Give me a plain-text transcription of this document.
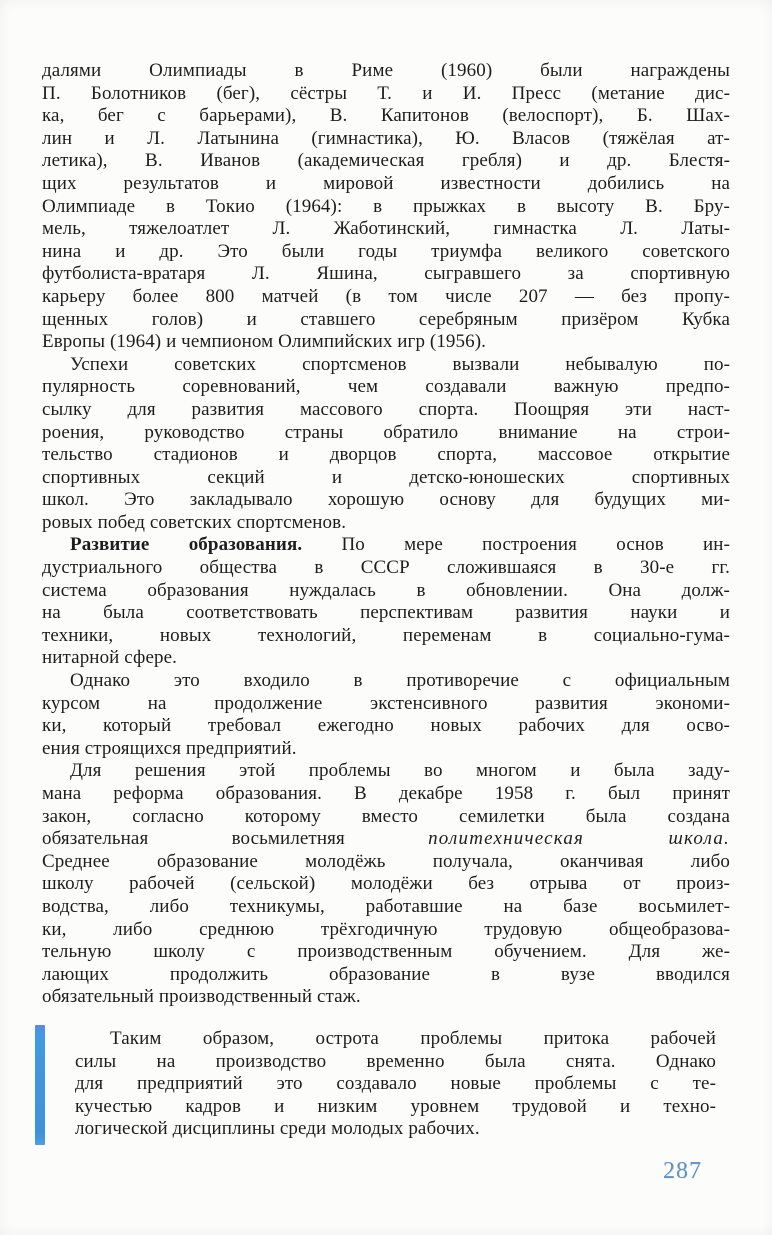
далями Олимпиады в Риме (1960) были награждены
П. Болотников (бег), сёстры Т. и И. Пресс (метание дис-
ка, бег с барьерами), В. Капитонов (велоспорт), Б. Шах-
лин и Л. Латынина (гимнастика), Ю. Власов (тяжёлая ат-
летика), В. Иванов (академическая гребля) и др. Блестя-
щих результатов и мировой известности добились на
Олимпиаде в Токио (1964): в прыжках в высоту В. Бру-
мель, тяжелоатлет Л. Жаботинский, гимнастка Л. Латы-
нина и др. Это были годы триумфа великого советского
футболиста-вратаря Л. Яшина, сыгравшего за спортивную
карьеру более 800 матчей (в том числе 207 — без пропу-
щенных голов) и ставшего серебряным призёром Кубка
Европы (1964) и чемпионом Олимпийских игр (1956).
Успехи советских спортсменов вызвали небывалую по-
пулярность соревнований, чем создавали важную предпо-
сылку для развития массового спорта. Поощряя эти наст-
роения, руководство страны обратило внимание на строи-
тельство стадионов и дворцов спорта, массовое открытие
спортивных секций и детско-юношеских спортивных
школ. Это закладывало хорошую основу для будущих ми-
ровых побед советских спортсменов.
Развитие образования. По мере построения основ ин-
дустриального общества в СССР сложившаяся в 30-е гг.
система образования нуждалась в обновлении. Она долж-
на была соответствовать перспективам развития науки и
техники, новых технологий, переменам в социально-гума-
нитарной сфере.
Однако это входило в противоречие с официальным
курсом на продолжение экстенсивного развития экономи-
ки, который требовал ежегодно новых рабочих для осво-
ения строящихся предприятий.
Для решения этой проблемы во многом и была заду-
мана реформа образования. В декабре 1958 г. был принят
закон, согласно которому вместо семилетки была создана
обязательная восьмилетняя политехническая школа.
Среднее образование молодёжь получала, оканчивая либо
школу рабочей (сельской) молодёжи без отрыва от произ-
водства, либо техникумы, работавшие на базе восьмилет-
ки, либо среднюю трёхгодичную трудовую общеобразова-
тельную школу с производственным обучением. Для же-
лающих продолжить образование в вузе вводился
обязательный производственный стаж.
Таким образом, острота проблемы притока рабочей
силы на производство временно была снята. Однако
для предприятий это создавало новые проблемы с те-
кучестью кадров и низким уровнем трудовой и техно-
логической дисциплины среди молодых рабочих.
287
